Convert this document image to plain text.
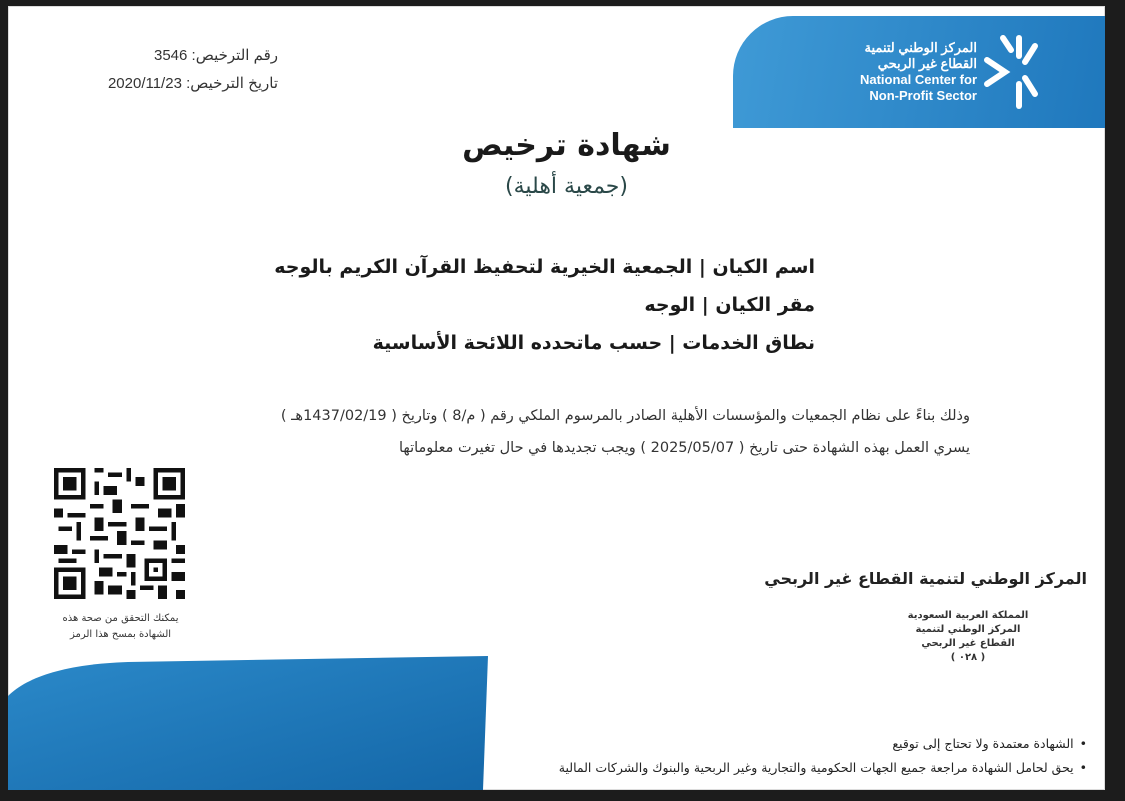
المركز الوطني لتنمية
القطاع غير الربحي
National Center for
Non-Profit Sector
رقم الترخيص: 3546
تاريخ الترخيص: 2020/11/23
شهادة ترخيص
(جمعية أهلية)
اسم الكيان | الجمعية الخيرية لتحفيظ القرآن الكريم بالوجه
مقر الكيان | الوجه
نطاق الخدمات | حسب ماتحدده اللائحة الأساسية
وذلك بناءً على نظام الجمعيات والمؤسسات الأهلية الصادر بالمرسوم الملكي رقم ( م/8 ) وتاريخ ( 1437/02/19هـ )
يسري العمل بهذه الشهادة حتى تاريخ ( 2025/05/07 ) ويجب تجديدها في حال تغيرت معلوماتها
يمكنك التحقق من صحة هذه
الشهادة بمسح هذا الرمز
المركز الوطني لتنمية القطاع غير الربحي
المملكة العربية السعودية
المركز الوطني لتنمية
القطاع غير الربحي
( ٠٢٨ )
• الشهادة معتمدة ولا تحتاج إلى توقيع
• يحق لحامل الشهادة مراجعة جميع الجهات الحكومية والتجارية وغير الربحية والبنوك والشركات المالية
